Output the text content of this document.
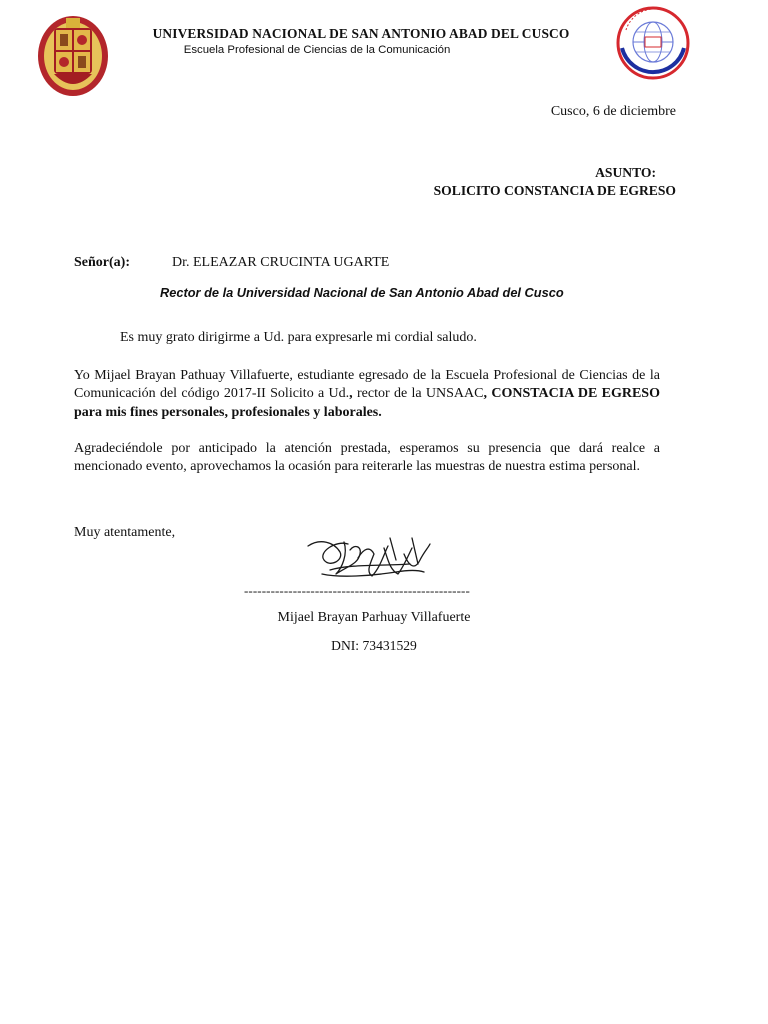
UNIVERSIDAD NACIONAL DE SAN ANTONIO ABAD DEL CUSCO
Escuela Profesional de Ciencias de la Comunicación
Cusco, 6 de diciembre
ASUNTO:
SOLICITO CONSTANCIA DE EGRESO
Señor(a):	Dr. ELEAZAR CRUCINTA UGARTE
Rector de la Universidad Nacional de San Antonio Abad del Cusco
Es muy grato dirigirme a Ud. para expresarle mi cordial saludo.
Yo Mijael Brayan Pathuay Villafuerte, estudiante egresado de la Escuela Profesional de Ciencias de la Comunicación del código 2017-II Solicito a Ud., rector de la UNSAAC, CONSTACIA DE EGRESO para mis fines personales, profesionales y laborales.
Agradeciéndole por anticipado la atención prestada, esperamos su presencia que dará realce a mencionado evento, aprovechamos la ocasión para reiterarle las muestras de nuestra estima personal.
Muy atentamente,
---------------------------------------------------
Mijael Brayan Parhuay Villafuerte
DNI: 73431529
